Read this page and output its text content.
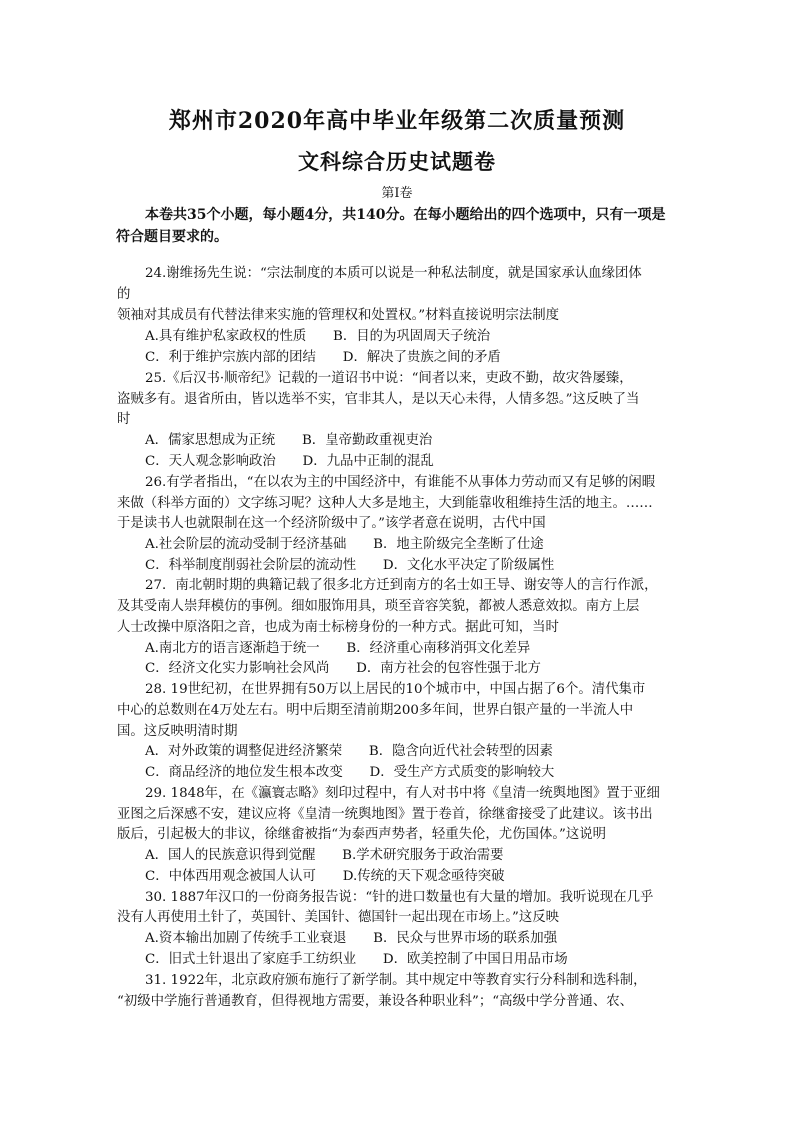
郑州市2020年高中毕业年级第二次质量预测
文科综合历史试题卷
第Ⅰ卷
本卷共35个小题，每小题4分，共140分。在每小题给出的四个选项中，只有一项是
符合题目要求的。
24.谢维扬先生说：“宗法制度的本质可以说是一种私法制度，就是国家承认血缘团体
的
领袖对其成员有代替法律来实施的管理权和处置权。”材料直接说明宗法制度
A.具有维护私家政权的性质　　B．目的为巩固周天子统治
C．利于维护宗族内部的团结　　D．解决了贵族之间的矛盾
25.《后汉书·顺帝纪》记载的一道诏书中说：“间者以来，吏政不勤，故灾咎屡臻，
盗贼多有。退省所由，皆以选举不实，官非其人，是以天心未得，人情多怨。”这反映了当
时
A．儒家思想成为正统　　B．皇帝勤政重视吏治
C．天人观念影响政治　　D．九品中正制的混乱
26.有学者指出，“在以农为主的中国经济中，有谁能不从事体力劳动而又有足够的闲暇
来做（科举方面的）文字练习呢？这种人大多是地主，大到能靠收租维持生活的地主。……
于是读书人也就限制在这一个经济阶级中了。”该学者意在说明，古代中国
A.社会阶层的流动受制于经济基础　　B．地主阶级完全垄断了仕途
C．科举制度削弱社会阶层的流动性　　D．文化水平决定了阶级属性
27．南北朝时期的典籍记载了很多北方迁到南方的名士如王导、谢安等人的言行作派，
及其受南人崇拜模仿的事例。细如服饰用具，琐至音容笑貌，都被人悉意效拟。南方上层
人士改操中原洛阳之音，也成为南士标榜身份的一种方式。据此可知，当时
A.南北方的语言逐渐趋于统一　　B．经济重心南移消弭文化差异
C．经济文化实力影响社会风尚　　D．南方社会的包容性强于北方
28. 19世纪初，在世界拥有50万以上居民的10个城市中，中国占据了6个。清代集市
中心的总数则在4万处左右。明中后期至清前期200多年间，世界白银产量的一半流人中
国。这反映明清时期
A．对外政策的调整促进经济繁荣　　B．隐含向近代社会转型的因素
C．商品经济的地位发生根本改变　　D．受生产方式质变的影响较大
29. 1848年，在《瀛寰志略》刻印过程中，有人对书中将《皇清一统舆地图》置于亚细
亚图之后深感不安，建议应将《皇清一统舆地图》置于卷首，徐继畬接受了此建议。该书出
版后，引起极大的非议，徐继畬被指“为泰西声势者，轻重失伦，尤伤国体。”这说明
A．国人的民族意识得到觉醒　　B.学术研究服务于政治需要
C．中体西用观念被国人认可　　D.传统的天下观念亟待突破
30. 1887年汉口的一份商务报告说：“针的进口数量也有大量的增加。我听说现在几乎
没有人再使用土针了，英国针、美国针、德国针一起出现在市场上。”这反映
A.资本输出加剧了传统手工业衰退　　B．民众与世界市场的联系加强
C．旧式土针退出了家庭手工纺织业　　D．欧美控制了中国日用品市场
31. 1922年，北京政府颁布施行了新学制。其中规定中等教育实行分科制和选科制，
“初级中学施行普通教育，但得视地方需要，兼设各种职业科”；“高级中学分普通、农、
